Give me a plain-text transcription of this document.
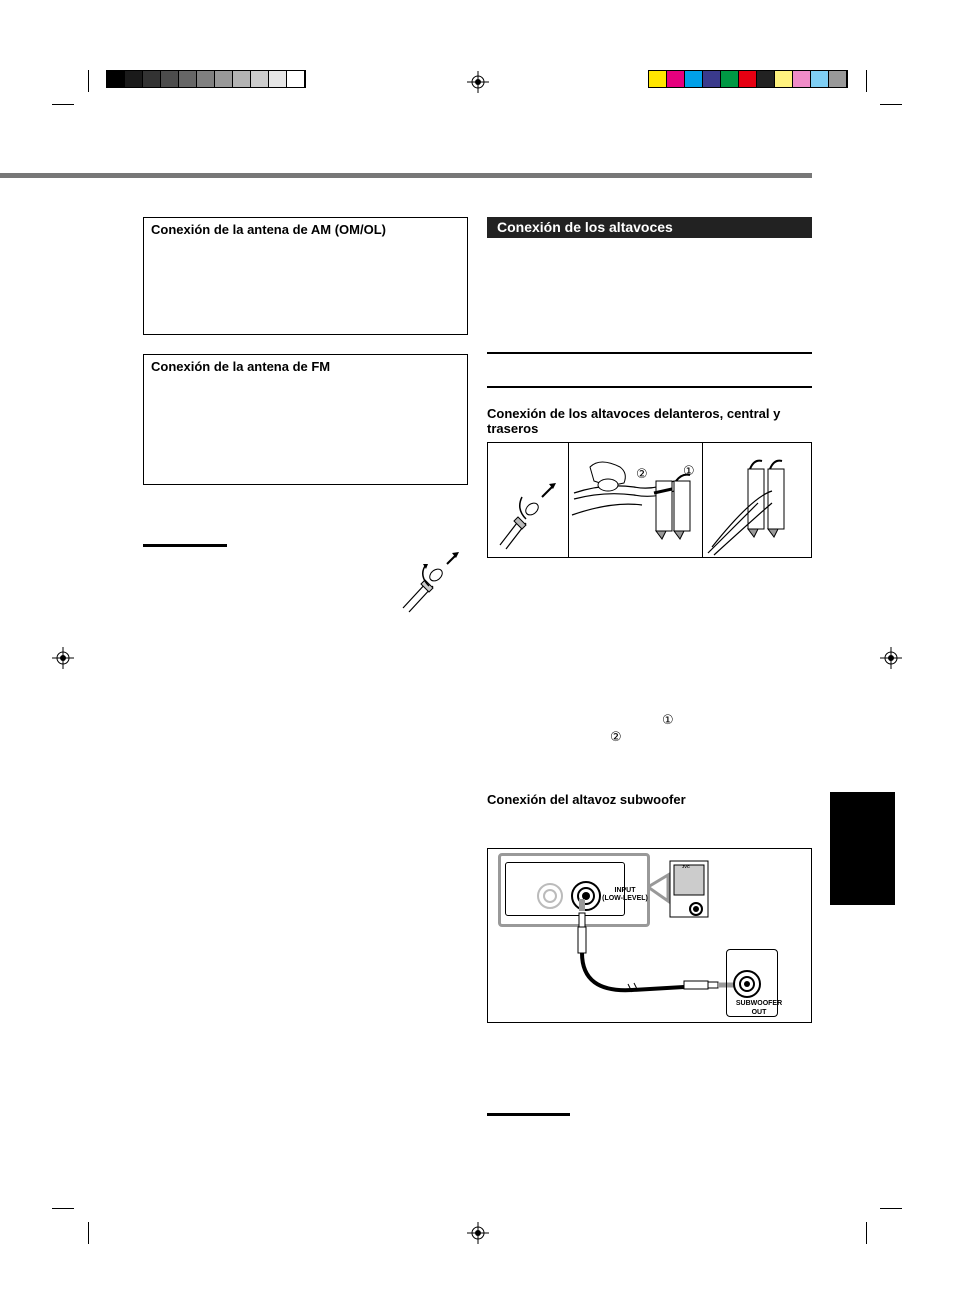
Conexión de la antena de AM (OM/OL)
Conexión de la antena de FM
Conexión de los altavoces
Conexión de los altavoces delanteros, central y traseros
②	①
①
②
Conexión del altavoz subwoofer
INPUT
(LOW-LEVEL)
JVC
SUBWOOFER
OUT
